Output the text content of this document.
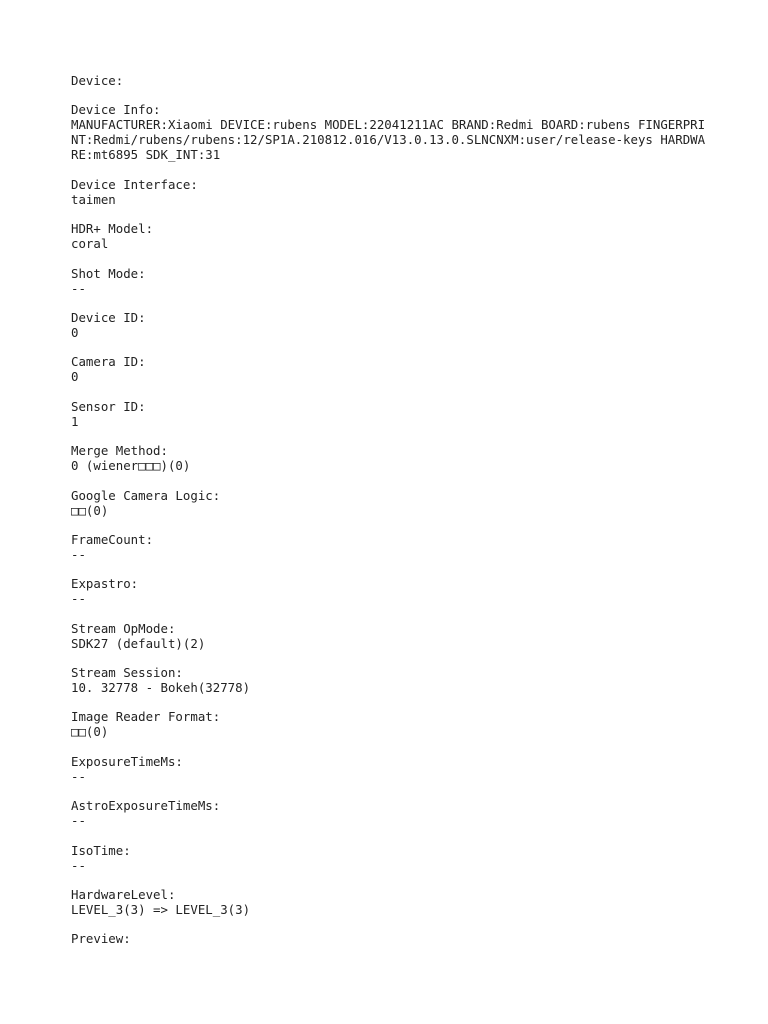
Device:
Device Info:
MANUFACTURER:Xiaomi DEVICE:rubens MODEL:22041211AC BRAND:Redmi BOARD:rubens FINGERPRINT:Redmi/rubens/rubens:12/SP1A.210812.016/V13.0.13.0.SLNCNXM:user/release-keys HARDWARE:mt6895 SDK_INT:31
Device Interface:
taimen
HDR+ Model:
coral
Shot Mode:
--
Device ID:
0
Camera ID:
0
Sensor ID:
1
Merge Method:
0 (wiener□□□)(0)
Google Camera Logic:
□□(0)
FrameCount:
--
Expastro:
--
Stream OpMode:
SDK27 (default)(2)
Stream Session:
10. 32778 - Bokeh(32778)
Image Reader Format:
□□(0)
ExposureTimeMs:
--
AstroExposureTimeMs:
--
IsoTime:
--
HardwareLevel:
LEVEL_3(3) => LEVEL_3(3)
Preview:
